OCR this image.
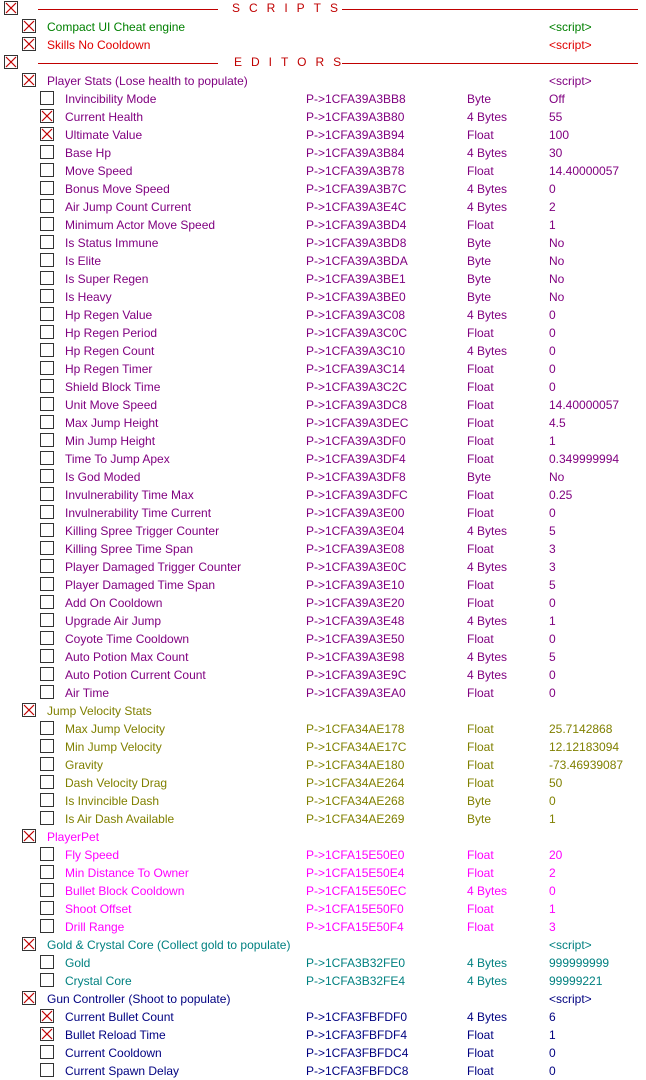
SCRIPTS
Compact UI Cheat engine	<script>
Skills No Cooldown	<script>
EDITORS
Player Stats (Lose health to populate)	<script>
Invincibility Mode	P->1CFA39A3BB8	Byte	Off
Current Health	P->1CFA39A3B80	4 Bytes	55
Ultimate Value	P->1CFA39A3B94	Float	100
Base Hp	P->1CFA39A3B84	4 Bytes	30
Move Speed	P->1CFA39A3B78	Float	14.40000057
Bonus Move Speed	P->1CFA39A3B7C	4 Bytes	0
Air Jump Count Current	P->1CFA39A3E4C	4 Bytes	2
Minimum Actor Move Speed	P->1CFA39A3BD4	Float	1
Is Status Immune	P->1CFA39A3BD8	Byte	No
Is Elite	P->1CFA39A3BDA	Byte	No
Is Super Regen	P->1CFA39A3BE1	Byte	No
Is Heavy	P->1CFA39A3BE0	Byte	No
Hp Regen Value	P->1CFA39A3C08	4 Bytes	0
Hp Regen Period	P->1CFA39A3C0C	Float	0
Hp Regen Count	P->1CFA39A3C10	4 Bytes	0
Hp Regen Timer	P->1CFA39A3C14	Float	0
Shield Block Time	P->1CFA39A3C2C	Float	0
Unit Move Speed	P->1CFA39A3DC8	Float	14.40000057
Max Jump Height	P->1CFA39A3DEC	Float	4.5
Min Jump Height	P->1CFA39A3DF0	Float	1
Time To Jump Apex	P->1CFA39A3DF4	Float	0.349999994
Is God Moded	P->1CFA39A3DF8	Byte	No
Invulnerability Time Max	P->1CFA39A3DFC	Float	0.25
Invulnerability Time Current	P->1CFA39A3E00	Float	0
Killing Spree Trigger Counter	P->1CFA39A3E04	4 Bytes	5
Killing Spree Time Span	P->1CFA39A3E08	Float	3
Player Damaged Trigger Counter	P->1CFA39A3E0C	4 Bytes	3
Player Damaged Time Span	P->1CFA39A3E10	Float	5
Add On Cooldown	P->1CFA39A3E20	Float	0
Upgrade Air Jump	P->1CFA39A3E48	4 Bytes	1
Coyote Time Cooldown	P->1CFA39A3E50	Float	0
Auto Potion Max Count	P->1CFA39A3E98	4 Bytes	5
Auto Potion Current Count	P->1CFA39A3E9C	4 Bytes	0
Air Time	P->1CFA39A3EA0	Float	0
Jump Velocity Stats
Max Jump Velocity	P->1CFA34AE178	Float	25.7142868
Min Jump Velocity	P->1CFA34AE17C	Float	12.12183094
Gravity	P->1CFA34AE180	Float	-73.46939087
Dash Velocity Drag	P->1CFA34AE264	Float	50
Is Invincible Dash	P->1CFA34AE268	Byte	0
Is Air Dash Available	P->1CFA34AE269	Byte	1
PlayerPet
Fly Speed	P->1CFA15E50E0	Float	20
Min Distance To Owner	P->1CFA15E50E4	Float	2
Bullet Block Cooldown	P->1CFA15E50EC	4 Bytes	0
Shoot Offset	P->1CFA15E50F0	Float	1
Drill Range	P->1CFA15E50F4	Float	3
Gold & Crystal Core (Collect gold to populate)	<script>
Gold	P->1CFA3B32FE0	4 Bytes	999999999
Crystal Core	P->1CFA3B32FE4	4 Bytes	99999221
Gun Controller (Shoot to populate)	<script>
Current Bullet Count	P->1CFA3FBFDF0	4 Bytes	6
Bullet Reload Time	P->1CFA3FBFDF4	Float	1
Current Cooldown	P->1CFA3FBFDC4	Float	0
Current Spawn Delay	P->1CFA3FBFDC8	Float	0
